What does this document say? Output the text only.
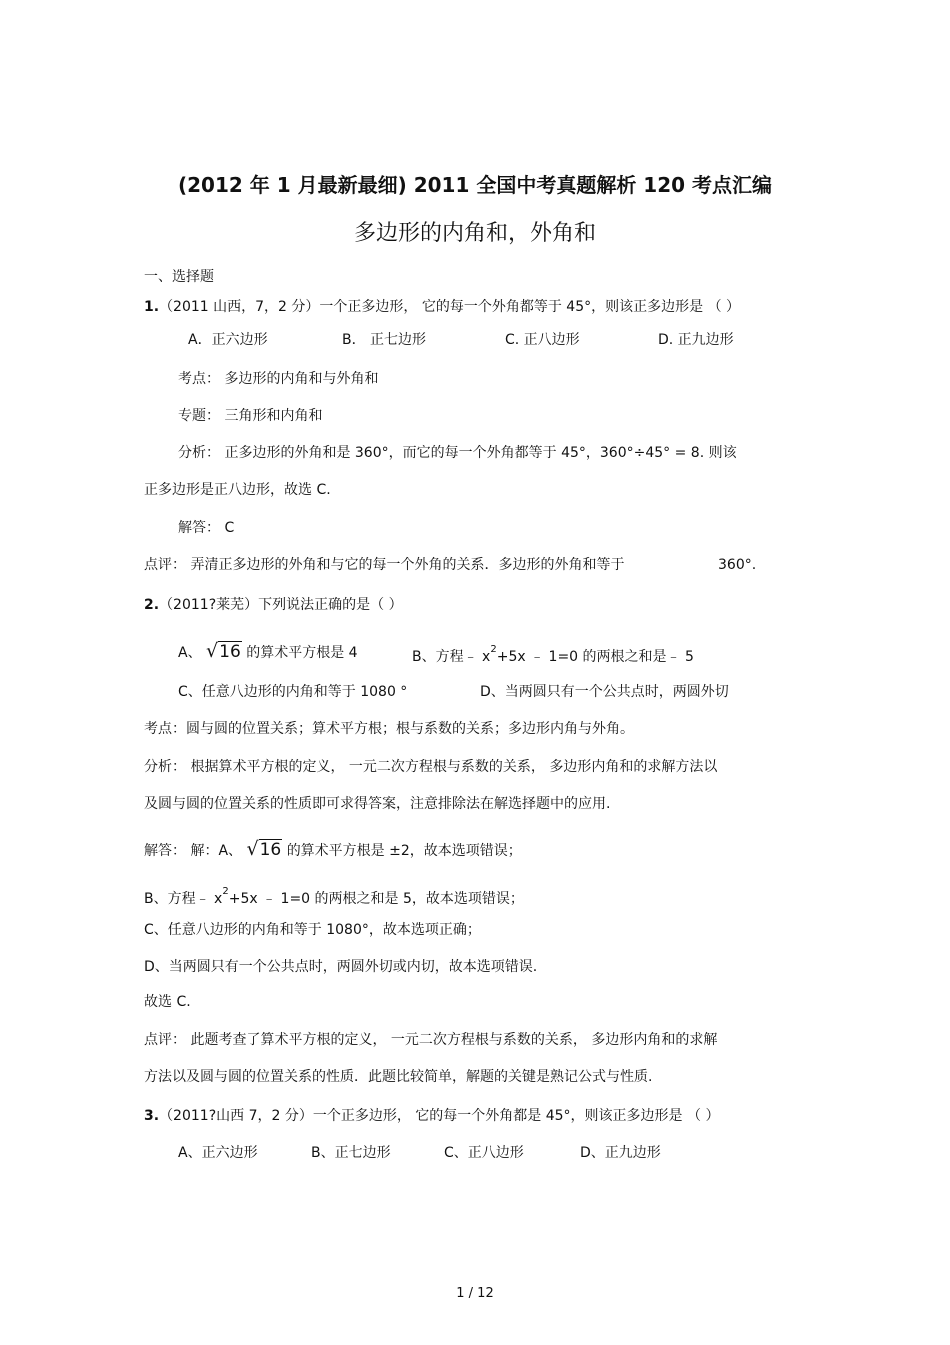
(2012 年 1 月最新最细) 2011 全国中考真题解析 120 考点汇编
多边形的内角和，外角和
一、选择题
1.（2011 山西，7，2 分）一个正多边形， 它的每一个外角都等于 45°，则该正多边形是 （ ）
A．正六边形	B． 正七边形	C. 正八边形	D. 正九边形
考点： 多边形的内角和与外角和
专题： 三角形和内角和
分析： 正多边形的外角和是 360°，而它的每一个外角都等于 45°，360°÷45° = 8. 则该
正多边形是正八边形，故选 C.
解答： C
点评： 弄清正多边形的外角和与它的每一个外角的关系．多边形的外角和等于	360°.
2.（2011?莱芜）下列说法正确的是（ ）
A、 √16 的算术平方根是 4	B、方程﹣ $x^2+5x$ ﹣ 1=0 的两根之和是﹣ 5
C、任意八边形的内角和等于 1080 °	D、当两圆只有一个公共点时，两圆外切
考点：圆与圆的位置关系；算术平方根；根与系数的关系；多边形内角与外角。
分析： 根据算术平方根的定义， 一元二次方程根与系数的关系， 多边形内角和的求解方法以
及圆与圆的位置关系的性质即可求得答案，注意排除法在解选择题中的应用.
解答： 解：A、 √16 的算术平方根是 ±2，故本选项错误；
B、方程﹣ $x^2+5x$ ﹣ 1=0 的两根之和是 5，故本选项错误；
C、任意八边形的内角和等于 1080°，故本选项正确；
D、当两圆只有一个公共点时，两圆外切或内切，故本选项错误.
故选 C.
点评： 此题考查了算术平方根的定义， 一元二次方程根与系数的关系， 多边形内角和的求解
方法以及圆与圆的位置关系的性质．此题比较简单，解题的关键是熟记公式与性质.
3.（2011?山西 7，2 分）一个正多边形， 它的每一个外角都是 45°，则该正多边形是 （ ）
A、正六边形	B、正七边形	C、正八边形	D、正九边形
1 / 12
